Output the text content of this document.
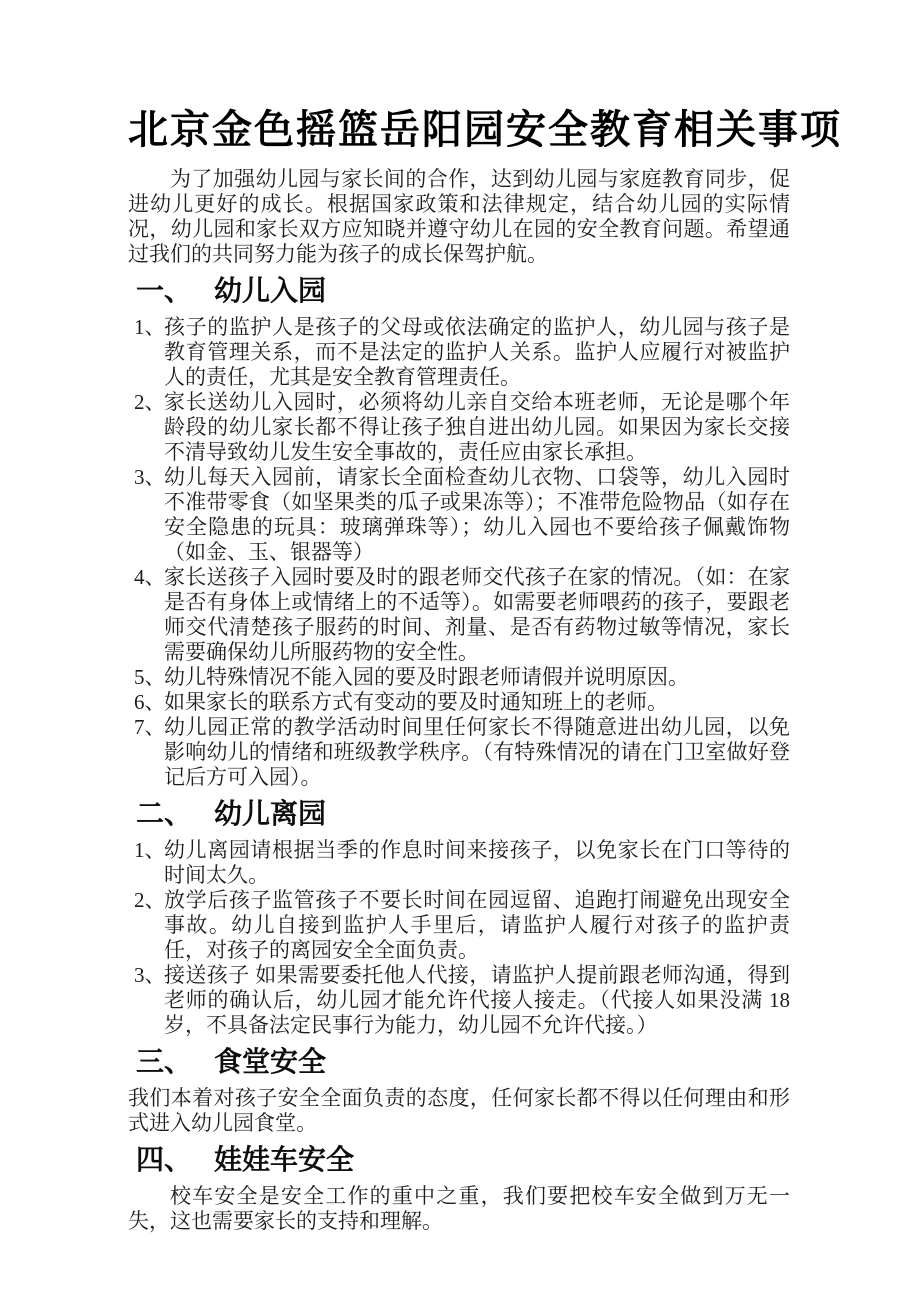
北京金色摇篮岳阳园安全教育相关事项

为了加强幼儿园与家长间的合作，达到幼儿园与家庭教育同步，促进幼儿更好的成长。根据国家政策和法律规定，结合幼儿园的实际情况，幼儿园和家长双方应知晓并遵守幼儿在园的安全教育问题。希望通过我们的共同努力能为孩子的成长保驾护航。

一、 幼儿入园
1、
孩子的监护人是孩子的父母或依法确定的监护人，幼儿园与孩子是教育管理关系，而不是法定的监护人关系。监护人应履行对被监护人的责任，尤其是安全教育管理责任。
2、
家长送幼儿入园时，必须将幼儿亲自交给本班老师，无论是哪个年龄段的幼儿家长都不得让孩子独自进出幼儿园。如果因为家长交接不清导致幼儿发生安全事故的，责任应由家长承担。
3、
幼儿每天入园前，请家长全面检查幼儿衣物、口袋等，幼儿入园时不准带零食（如坚果类的瓜子或果冻等）；不准带危险物品（如存在安全隐患的玩具：玻璃弹珠等）；幼儿入园也不要给孩子佩戴饰物（如金、玉、银器等）
4、
家长送孩子入园时要及时的跟老师交代孩子在家的情况。（如：在家是否有身体上或情绪上的不适等）。如需要老师喂药的孩子，要跟老师交代清楚孩子服药的时间、剂量、是否有药物过敏等情况，家长需要确保幼儿所服药物的安全性。
5、
幼儿特殊情况不能入园的要及时跟老师请假并说明原因。
6、
如果家长的联系方式有变动的要及时通知班上的老师。
7、
幼儿园正常的教学活动时间里任何家长不得随意进出幼儿园，以免影响幼儿的情绪和班级教学秩序。（有特殊情况的请在门卫室做好登记后方可入园）。
二、 幼儿离园
1、
幼儿离园请根据当季的作息时间来接孩子，以免家长在门口等待的时间太久。
2、
放学后孩子监管孩子不要长时间在园逗留、追跑打闹避免出现安全事故。幼儿自接到监护人手里后，请监护人履行对孩子的监护责任，对孩子的离园安全全面负责。
3、
接送孩子 如果需要委托他人代接，请监护人提前跟老师沟通，得到老师的确认后，幼儿园才能允许代接人接走。（代接人如果没满 18 岁，不具备法定民事行为能力，幼儿园不允许代接。）
三、 食堂安全

我们本着对孩子安全全面负责的态度，任何家长都不得以任何理由和形式进入幼儿园食堂。

四、 娃娃车安全

校车安全是安全工作的重中之重，我们要把校车安全做到万无一失，这也需要家长的支持和理解。
